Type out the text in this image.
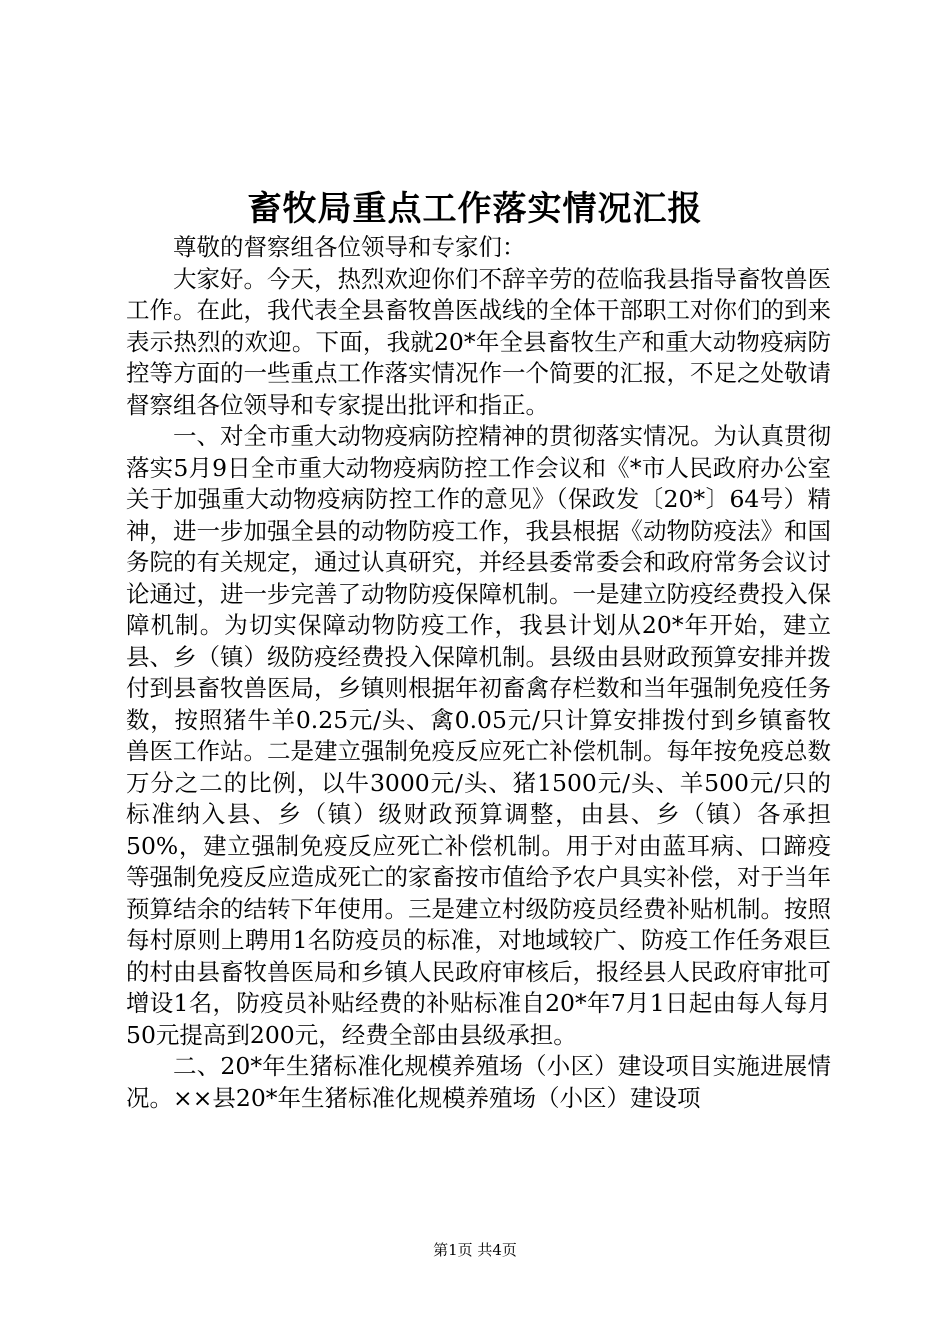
畜牧局重点工作落实情况汇报

尊敬的督察组各位领导和专家们：

大家好。今天，热烈欢迎你们不辞辛劳的莅临我县指导畜牧兽医工作。在此，我代表全县畜牧兽医战线的全体干部职工对你们的到来表示热烈的欢迎。下面，我就20*年全县畜牧生产和重大动物疫病防控等方面的一些重点工作落实情况作一个简要的汇报，不足之处敬请督察组各位领导和专家提出批评和指正。

一、对全市重大动物疫病防控精神的贯彻落实情况。为认真贯彻落实5月9日全市重大动物疫病防控工作会议和《*市人民政府办公室关于加强重大动物疫病防控工作的意见》（保政发〔20*〕64号）精神，进一步加强全县的动物防疫工作，我县根据《动物防疫法》和国务院的有关规定，通过认真研究，并经县委常委会和政府常务会议讨论通过，进一步完善了动物防疫保障机制。一是建立防疫经费投入保障机制。为切实保障动物防疫工作，我县计划从20*年开始，建立县、乡（镇）级防疫经费投入保障机制。县级由县财政预算安排并拨付到县畜牧兽医局，乡镇则根据年初畜禽存栏数和当年强制免疫任务数，按照猪牛羊0.25元/头、禽0.05元/只计算安排拨付到乡镇畜牧兽医工作站。二是建立强制免疫反应死亡补偿机制。每年按免疫总数万分之二的比例，以牛3000元/头、猪1500元/头、羊500元/只的标准纳入县、乡（镇）级财政预算调整，由县、乡（镇）各承担50%，建立强制免疫反应死亡补偿机制。用于对由蓝耳病、口蹄疫等强制免疫反应造成死亡的家畜按市值给予农户具实补偿，对于当年预算结余的结转下年使用。三是建立村级防疫员经费补贴机制。按照每村原则上聘用1名防疫员的标准，对地域较广、防疫工作任务艰巨的村由县畜牧兽医局和乡镇人民政府审核后，报经县人民政府审批可增设1名，防疫员补贴经费的补贴标准自20*年7月1日起由每人每月50元提高到200元，经费全部由县级承担。

二、20*年生猪标准化规模养殖场（小区）建设项目实施进展情况。××县20*年生猪标准化规模养殖场（小区）建设项

第1页 共4页
